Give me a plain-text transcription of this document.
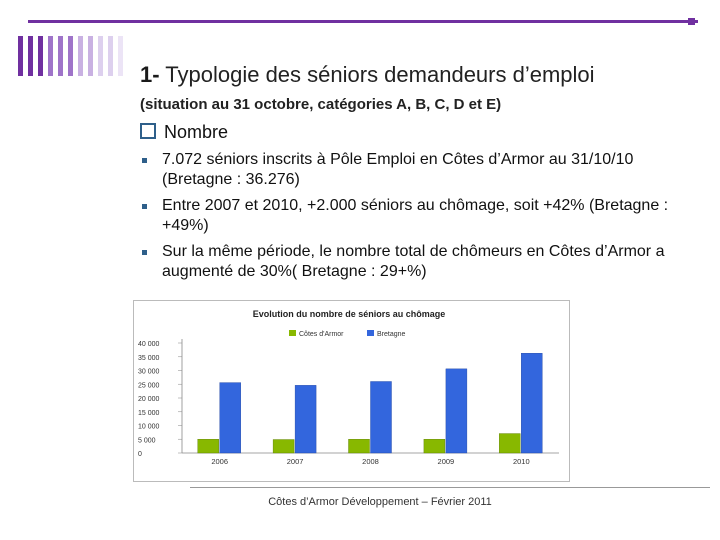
1- Typologie des séniors demandeurs d’emploi
(situation au 31 octobre, catégories A, B, C, D et E)
Nombre
7.072 séniors inscrits à Pôle Emploi en Côtes d’Armor au 31/10/10 (Bretagne : 36.276)
Entre 2007 et 2010, +2.000 séniors au chômage, soit +42% (Bretagne : +49%)
Sur la même période, le nombre total de chômeurs en Côtes d’Armor a augmenté de 30%( Bretagne : 29+%)
Evolution du nombre de séniors au chômage
Côtes d'Armor	Bretagne
40 000
35 000
30 000
25 000
20 000
15 000
10 000
5 000
0
2006	2007	2008	2009	2010
Côtes d’Armor Développement – Février 2011
